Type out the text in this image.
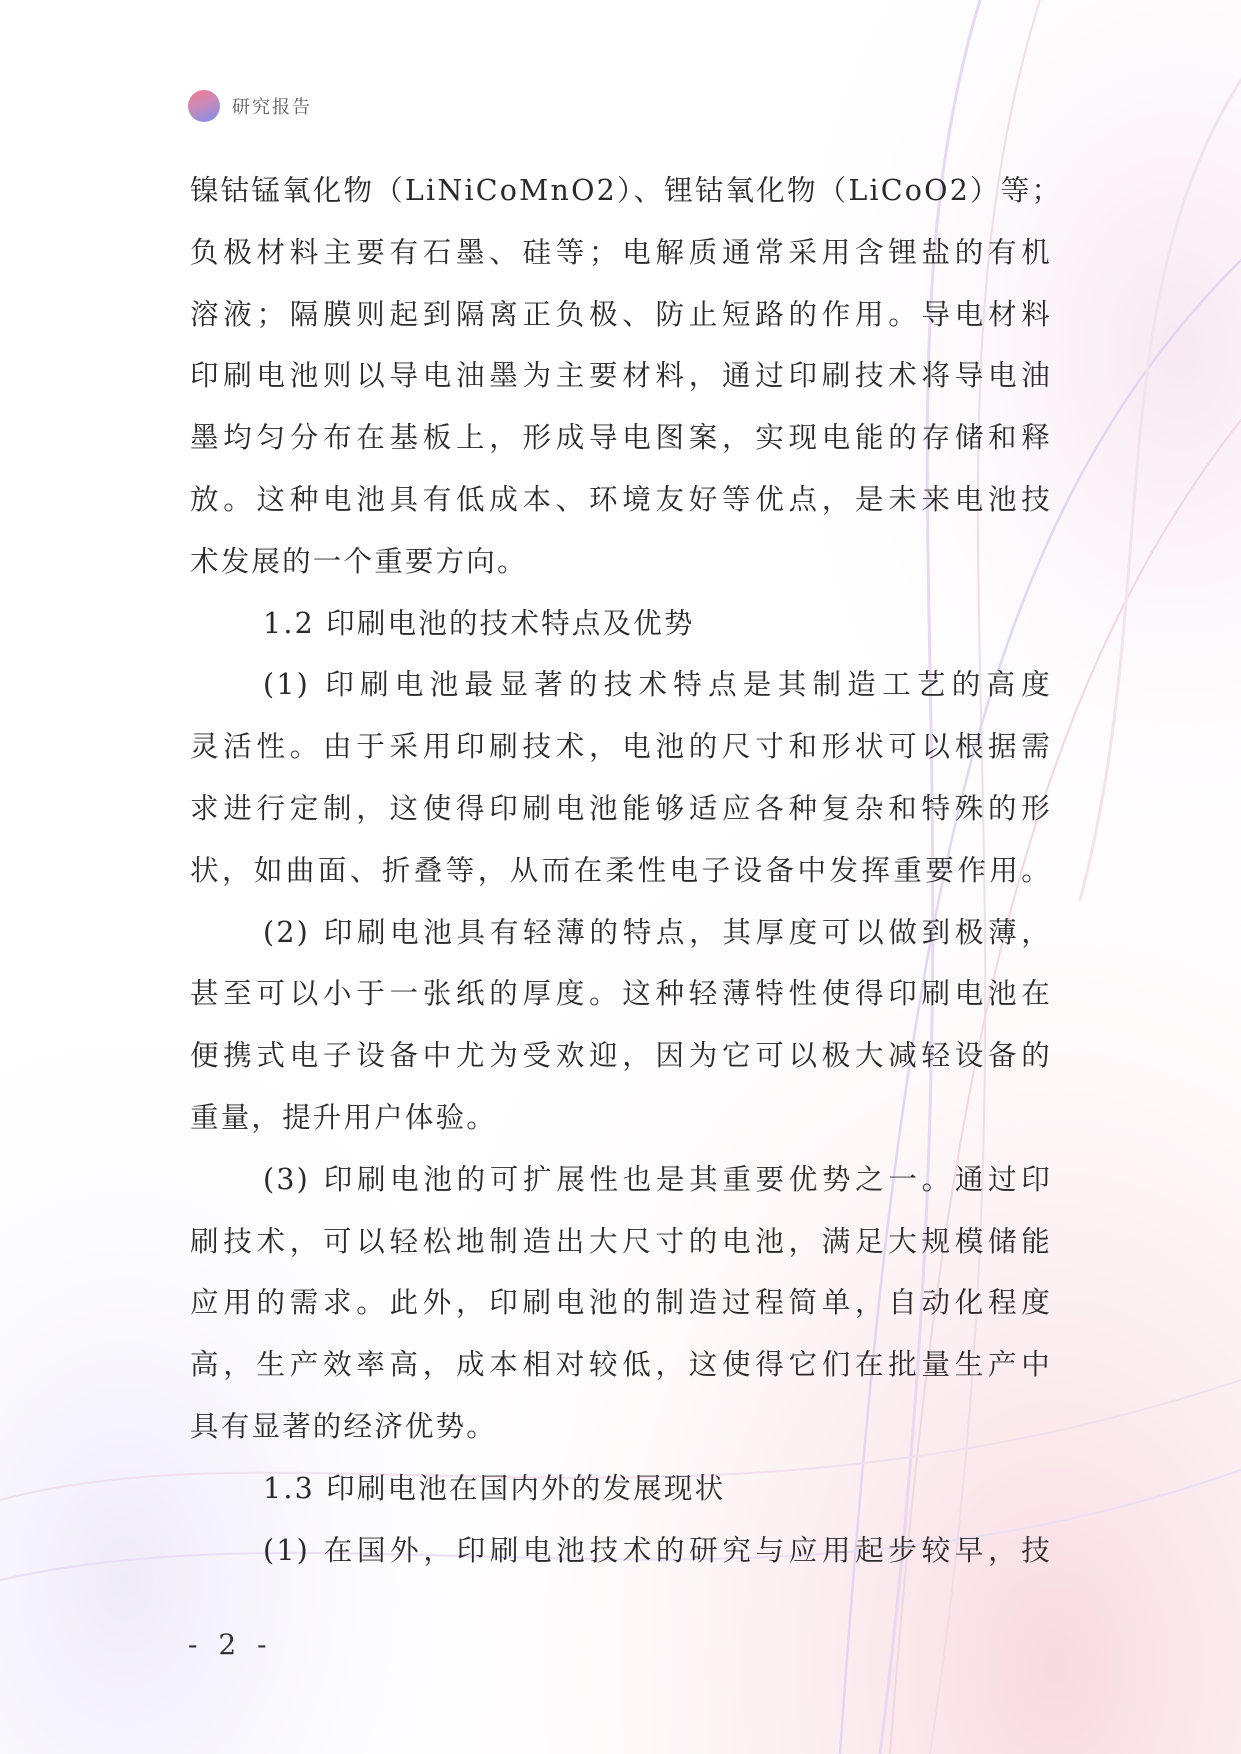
研究报告
镍钴锰氧化物（LiNiCoMnO2）、锂钴氧化物（LiCoO2）等；
负极材料主要有石墨、硅等；电解质通常采用含锂盐的有机
溶液；隔膜则起到隔离正负极、防止短路的作用。导电材料
印刷电池则以导电油墨为主要材料，通过印刷技术将导电油
墨均匀分布在基板上，形成导电图案，实现电能的存储和释
放。这种电池具有低成本、环境友好等优点，是未来电池技
术发展的一个重要方向。
1.2 印刷电池的技术特点及优势
(1) 印刷电池最显著的技术特点是其制造工艺的高度
灵活性。由于采用印刷技术，电池的尺寸和形状可以根据需
求进行定制，这使得印刷电池能够适应各种复杂和特殊的形
状，如曲面、折叠等，从而在柔性电子设备中发挥重要作用。
(2) 印刷电池具有轻薄的特点，其厚度可以做到极薄，
甚至可以小于一张纸的厚度。这种轻薄特性使得印刷电池在
便携式电子设备中尤为受欢迎，因为它可以极大减轻设备的
重量，提升用户体验。
(3) 印刷电池的可扩展性也是其重要优势之一。通过印
刷技术，可以轻松地制造出大尺寸的电池，满足大规模储能
应用的需求。此外，印刷电池的制造过程简单，自动化程度
高，生产效率高，成本相对较低，这使得它们在批量生产中
具有显著的经济优势。
1.3 印刷电池在国内外的发展现状
(1) 在国外，印刷电池技术的研究与应用起步较早，技
- 2 -
